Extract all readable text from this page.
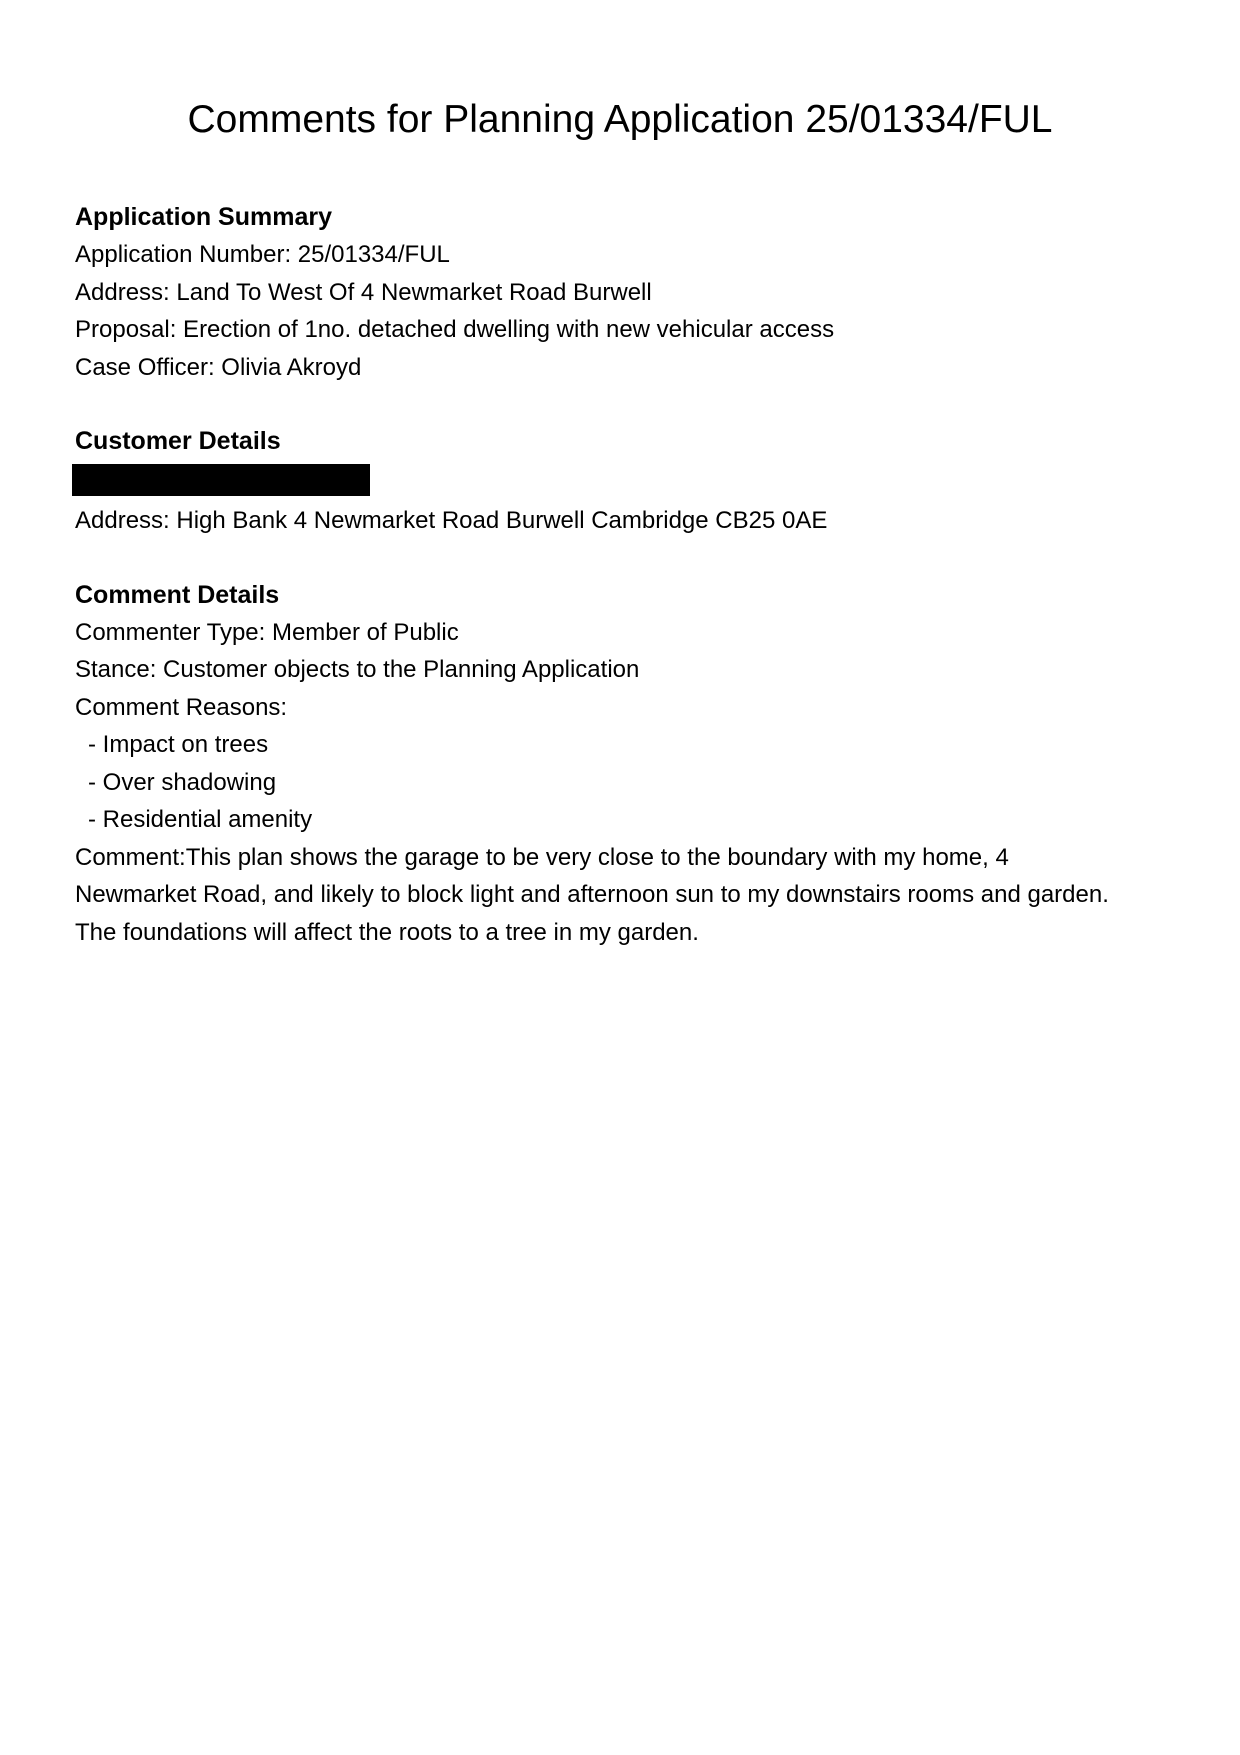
Comments for Planning Application 25/01334/FUL
Application Summary
Application Number: 25/01334/FUL
Address: Land To West Of 4 Newmarket Road Burwell
Proposal: Erection of 1no. detached dwelling with new vehicular access
Case Officer: Olivia Akroyd
Customer Details
Address: High Bank 4 Newmarket Road Burwell Cambridge CB25 0AE
Comment Details
Commenter Type: Member of Public
Stance: Customer objects to the Planning Application
Comment Reasons:
- Impact on trees
- Over shadowing
- Residential amenity
Comment:This plan shows the garage to be very close to the boundary with my home, 4
Newmarket Road, and likely to block light and afternoon sun to my downstairs rooms and garden.
The foundations will affect the roots to a tree in my garden.
